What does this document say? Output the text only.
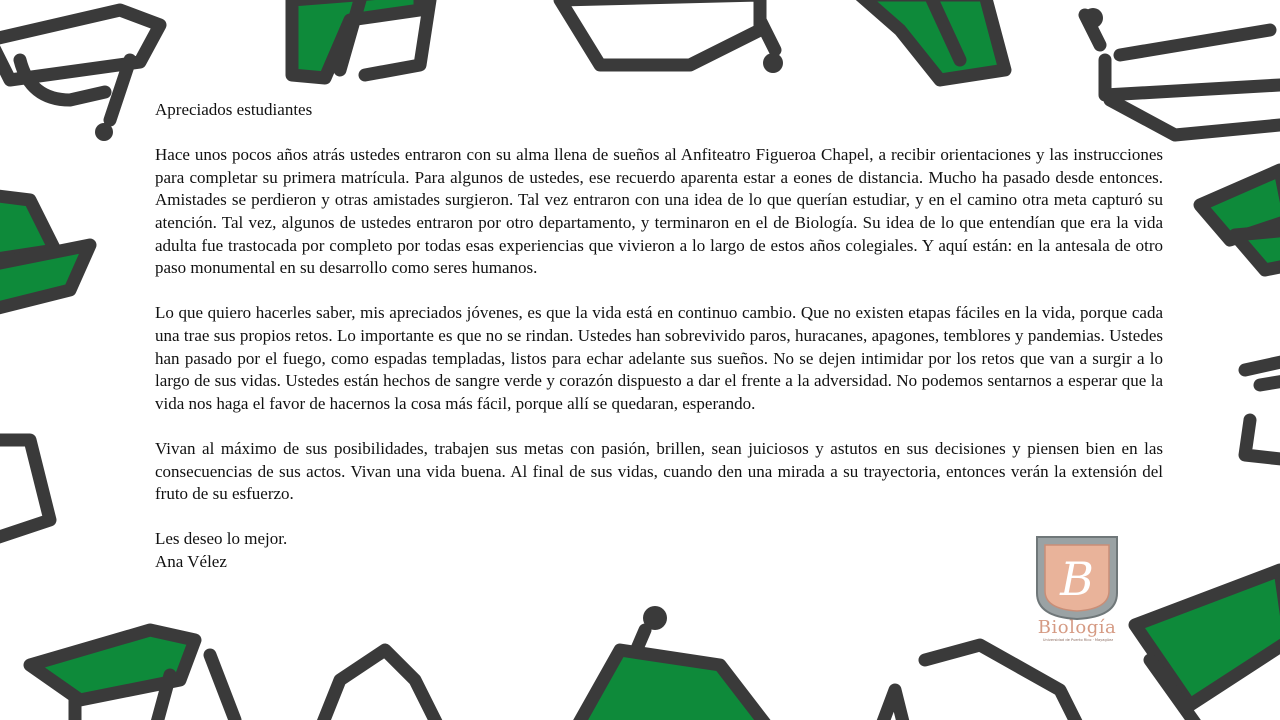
Apreciados estudiantes

Hace unos pocos años atrás ustedes entraron con su alma llena de sueños al Anfiteatro Figueroa Chapel, a recibir orientaciones y las instrucciones para completar su primera matrícula. Para algunos de ustedes, ese recuerdo aparenta estar a eones de distancia. Mucho ha pasado desde entonces. Amistades se perdieron y otras amistades surgieron. Tal vez entraron con una idea de lo que querían estudiar, y en el camino otra meta capturó su atención. Tal vez, algunos de ustedes entraron por otro departamento, y terminaron en el de Biología. Su idea de lo que entendían que era la vida adulta fue trastocada por completo por todas esas experiencias que vivieron a lo largo de estos años colegiales. Y aquí están: en la antesala de otro paso monumental en su desarrollo como seres humanos.

Lo que quiero hacerles saber, mis apreciados jóvenes, es que la vida está en continuo cambio. Que no existen etapas fáciles en la vida, porque cada una trae sus propios retos. Lo importante es que no se rindan. Ustedes han sobrevivido paros, huracanes, apagones, temblores y pandemias. Ustedes han pasado por el fuego, como espadas templadas, listos para echar adelante sus sueños. No se dejen intimidar por los retos que van a surgir a lo largo de sus vidas. Ustedes están hechos de sangre verde y corazón dispuesto a dar el frente a la adversidad. No podemos sentarnos a esperar que la vida nos haga el favor de hacernos la cosa más fácil, porque allí se quedaran, esperando.

Vivan al máximo de sus posibilidades, trabajen sus metas con pasión, brillen, sean juiciosos y astutos en sus decisiones y piensen bien en las consecuencias de sus actos. Vivan una vida buena. Al final de sus vidas, cuando den una mirada a su trayectoria, entonces verán la extensión del fruto de su esfuerzo.

Les deseo lo mejor.

Ana Vélez	B
Biología
Universidad de Puerto Rico · Mayagüez
